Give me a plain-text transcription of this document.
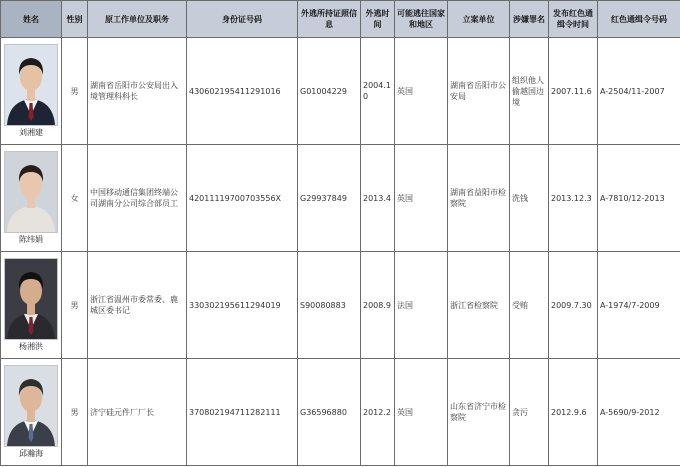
姓名	性别	原工作单位及职务	身份证号码	外逃所持证照信息	外逃时间	可能逃往国家和地区	立案单位	涉嫌罪名	发布红色通缉令时间	红色通缉令号码

刘湘建	男	湖南省岳阳市公安局出入境管理科科长	430602195411291016	G01004229	2004.10	英国	湖南省岳阳市公安局	组织他人偷越国边境	2007.11.6	A-2504/11-2007

陈纬娟	女	中国移动通信集团终端公司湖南分公司综合部员工	42011119700703556X	G29937849	2013.4	英国	湖南省益阳市检察院	洗钱	2013.12.3	A-7810/12-2013

杨湘洪	男	浙江省温州市委常委、鹿城区委书记	330302195611294019	S90080883	2008.9	法国	浙江省检察院	受贿	2009.7.30	A-1974/7-2009

邱瀚海	男	济宁硅元件厂厂长	370802194711282111	G36596880	2012.2	英国	山东省济宁市检察院	贪污	2012.9.6	A-5690/9-2012
